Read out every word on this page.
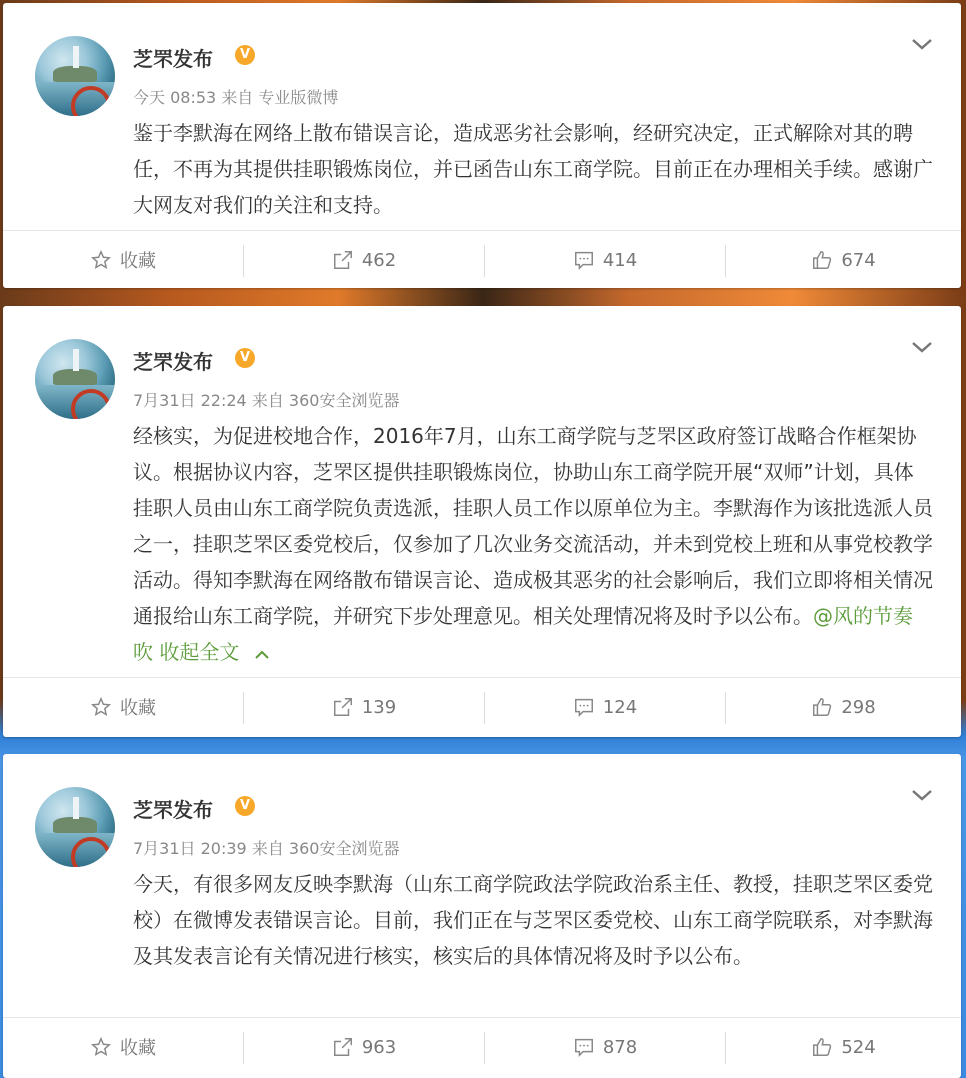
芝罘发布	V
今天 08:53 来自 专业版微博
鉴于李默海在网络上散布错误言论，造成恶劣社会影响，经研究决定，正式解除对其的聘任，不再为其提供挂职锻炼岗位，并已函告山东工商学院。目前正在办理相关手续。感谢广大网友对我们的关注和支持。
收藏	462	414	674
芝罘发布	V
7月31日 22:24 来自 360安全浏览器
经核实，为促进校地合作，2016年7月，山东工商学院与芝罘区政府签订战略合作框架协议。根据协议内容，芝罘区提供挂职锻炼岗位，协助山东工商学院开展“双师”计划，具体挂职人员由山东工商学院负责选派，挂职人员工作以原单位为主。李默海作为该批选派人员之一，挂职芝罘区委党校后，仅参加了几次业务交流活动，并未到党校上班和从事党校教学活动。得知李默海在网络散布错误言论、造成极其恶劣的社会影响后，我们立即将相关情况通报给山东工商学院，并研究下步处理意见。相关处理情况将及时予以公布。@风的节奏吹 收起全文
收藏	139	124	298
芝罘发布	V
7月31日 20:39 来自 360安全浏览器
今天，有很多网友反映李默海（山东工商学院政法学院政治系主任、教授，挂职芝罘区委党校）在微博发表错误言论。目前，我们正在与芝罘区委党校、山东工商学院联系，对李默海及其发表言论有关情况进行核实，核实后的具体情况将及时予以公布。
收藏	963	878	524
